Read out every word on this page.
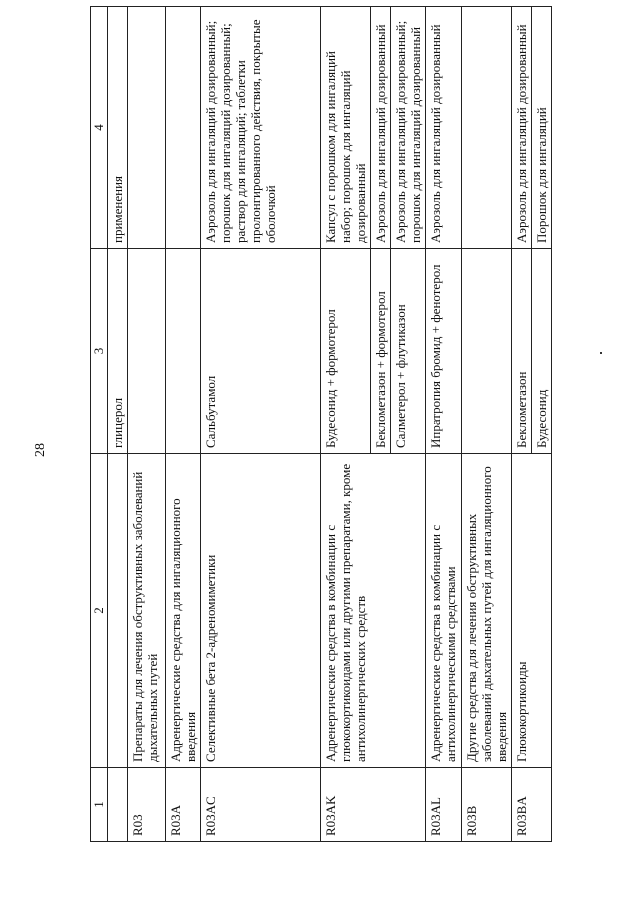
28
1	2	3	4
		глицерол	применения
R03	Препараты для лечения обструктивных заболеваний дыхательных путей		
R03A	Адренергические средства для ингаляционного введения		
R03AC	Селективные бета 2-адреномиметики	Сальбутамол	Аэрозоль для ингаляций дозированный; порошок для ингаляций дозированный; раствор для ингаляций; таблетки пролонгированного действия, покрытые оболочкой
R03AK	Адренергические средства в комбинации с глюкокортикоидами или другими препаратами, кроме антихолинергических средств	Будесонид + формотерол	Капсул с порошком для ингаляций набор; порошок для ингаляций дозированный
		Беклометазон + формотерол	Аэрозоль для ингаляций дозированный
		Салметерол + флутиказон	Аэрозоль для ингаляций дозированный; порошок для ингаляций дозированный
R03AL	Адренергические средства в комбинации с антихолинергическими средствами	Ипратропия бромид + фенотерол	Аэрозоль для ингаляций дозированный
R03B	Другие средства для лечения обструктивных заболеваний дыхательных путей для ингаляционного введения		
R03BA	Глюкокортикоиды	Беклометазон	Аэрозоль для ингаляций дозированный
		Будесонид	Порошок для ингаляций
